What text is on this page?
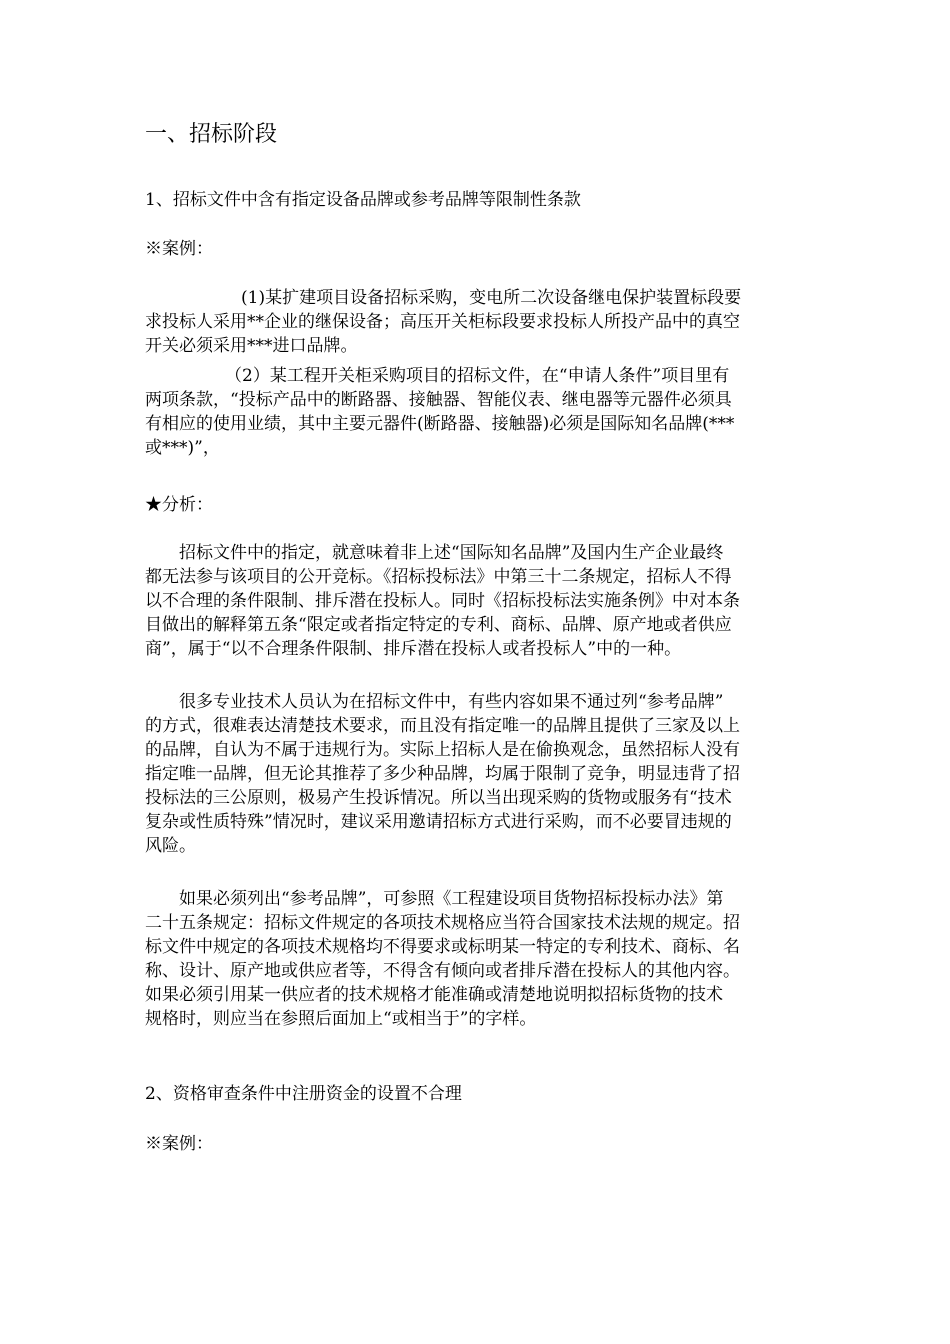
一、招标阶段
1、招标文件中含有指定设备品牌或参考品牌等限制性条款
※案例：
(1)某扩建项目设备招标采购，变电所二次设备继电保护装置标段要
求投标人采用**企业的继保设备；高压开关柜标段要求投标人所投产品中的真空
开关必须采用***进口品牌。
（2）某工程开关柜采购项目的招标文件，在“申请人条件”项目里有
两项条款，“投标产品中的断路器、接触器、智能仪表、继电器等元器件必须具
有相应的使用业绩，其中主要元器件(断路器、接触器)必须是国际知名品牌(***
或***)”，
★分析：
招标文件中的指定，就意味着非上述“国际知名品牌”及国内生产企业最终
都无法参与该项目的公开竞标。《招标投标法》中第三十二条规定，招标人不得
以不合理的条件限制、排斥潜在投标人。同时《招标投标法实施条例》中对本条
目做出的解释第五条“限定或者指定特定的专利、商标、品牌、原产地或者供应
商”，属于“以不合理条件限制、排斥潜在投标人或者投标人”中的一种。
很多专业技术人员认为在招标文件中，有些内容如果不通过列“参考品牌”
的方式，很难表达清楚技术要求，而且没有指定唯一的品牌且提供了三家及以上
的品牌，自认为不属于违规行为。实际上招标人是在偷换观念，虽然招标人没有
指定唯一品牌，但无论其推荐了多少种品牌，均属于限制了竞争，明显违背了招
投标法的三公原则，极易产生投诉情况。所以当出现采购的货物或服务有“技术
复杂或性质特殊”情况时，建议采用邀请招标方式进行采购，而不必要冒违规的
风险。
如果必须列出“参考品牌”，可参照《工程建设项目货物招标投标办法》第
二十五条规定：招标文件规定的各项技术规格应当符合国家技术法规的规定。招
标文件中规定的各项技术规格均不得要求或标明某一特定的专利技术、商标、名
称、设计、原产地或供应者等，不得含有倾向或者排斥潜在投标人的其他内容。
如果必须引用某一供应者的技术规格才能准确或清楚地说明拟招标货物的技术
规格时，则应当在参照后面加上“或相当于”的字样。
2、资格审查条件中注册资金的设置不合理
※案例：
